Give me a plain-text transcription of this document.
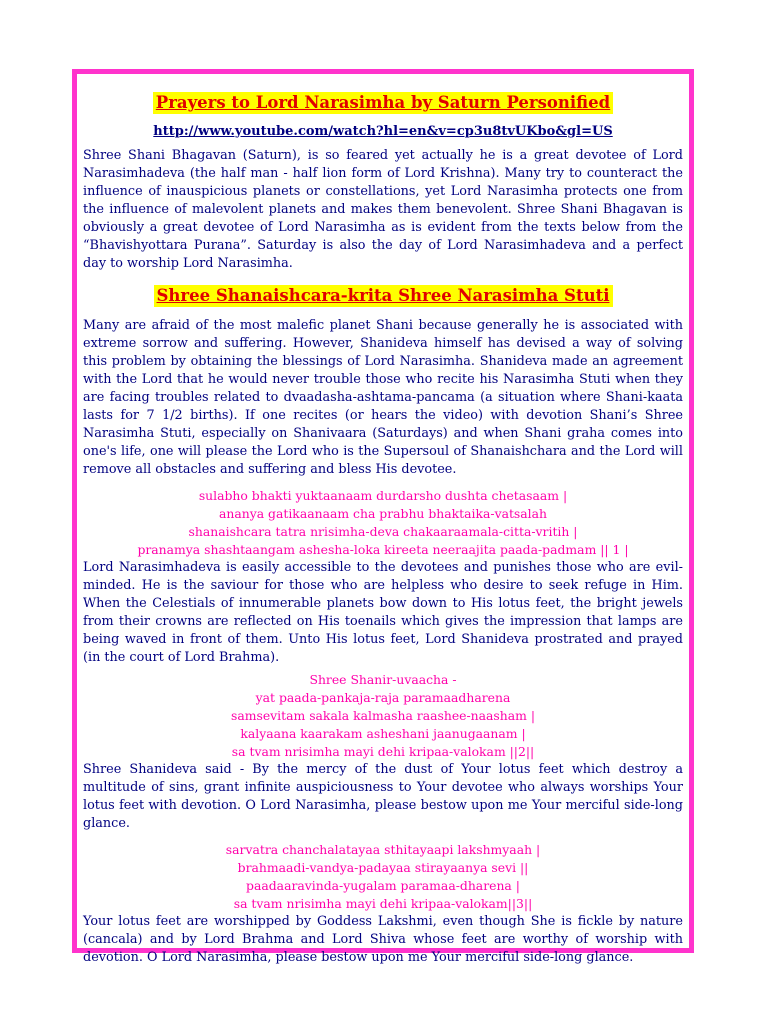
Prayers to Lord Narasimha by Saturn Personified
http://www.youtube.com/watch?hl=en&v=cp3u8tvUKbo&gl=US

Shree Shani Bhagavan (Saturn), is so feared yet actually he is a great devotee of Lord Narasimhadeva (the half man - half lion form of Lord Krishna). Many try to counteract the influence of inauspicious planets or constellations, yet Lord Narasimha protects one from the influence of malevolent planets and makes them benevolent. Shree Shani Bhagavan is obviously a great devotee of Lord Narasimha as is evident from the texts below from the “Bhavishyottara Purana”. Saturday is also the day of Lord Narasimhadeva and a perfect day to worship Lord Narasimha.

Shree Shanaishcara-krita Shree Narasimha Stuti

Many are afraid of the most malefic planet Shani because generally he is associated with extreme sorrow and suffering. However, Shanideva himself has devised a way of solving this problem by obtaining the blessings of Lord Narasimha. Shanideva made an agreement with the Lord that he would never trouble those who recite his Narasimha Stuti when they are facing troubles related to dvaadasha-ashtama-pancama (a situation where Shani-kaata lasts for 7 1/2 births). If one recites (or hears the video) with devotion Shani’s Shree Narasimha Stuti, especially on Shanivaara (Saturdays) and when Shani graha comes into one's life, one will please the Lord who is the Supersoul of Shanaishchara and the Lord will remove all obstacles and suffering and bless His devotee.

sulabho bhakti yuktaanaam durdarsho dushta chetasaam |

ananya gatikaanaam cha prabhu bhaktaika-vatsalah

shanaishcara tatra nrisimha-deva chakaaraamala-citta-vritih |

pranamya shashtaangam ashesha-loka kireeta neeraajita paada-padmam || 1 |

Lord Narasimhadeva is easily accessible to the devotees and punishes those who are evil-minded. He is the saviour for those who are helpless who desire to seek refuge in Him. When the Celestials of innumerable planets bow down to His lotus feet, the bright jewels from their crowns are reflected on His toenails which gives the impression that lamps are being waved in front of them. Unto His lotus feet, Lord Shanideva prostrated and prayed (in the court of Lord Brahma).

Shree Shanir-uvaacha -

yat paada-pankaja-raja paramaadharena

samsevitam sakala kalmasha raashee-naasham |

kalyaana kaarakam asheshani jaanugaanam |

sa tvam nrisimha mayi dehi kripaa-valokam ||2||

Shree Shanideva said - By the mercy of the dust of Your lotus feet which destroy a multitude of sins, grant infinite auspiciousness to Your devotee who always worships Your lotus feet with devotion. O Lord Narasimha, please bestow upon me Your merciful side-long glance.

sarvatra chanchalatayaa sthitayaapi lakshmyaah |

brahmaadi-vandya-padayaa stirayaanya sevi ||

paadaaravinda-yugalam paramaa-dharena |

sa tvam nrisimha mayi dehi kripaa-valokam||3||

Your lotus feet are worshipped by Goddess Lakshmi, even though She is fickle by nature (cancala) and by Lord Brahma and Lord Shiva whose feet are worthy of worship with devotion. O Lord Narasimha, please bestow upon me Your merciful side-long glance.
